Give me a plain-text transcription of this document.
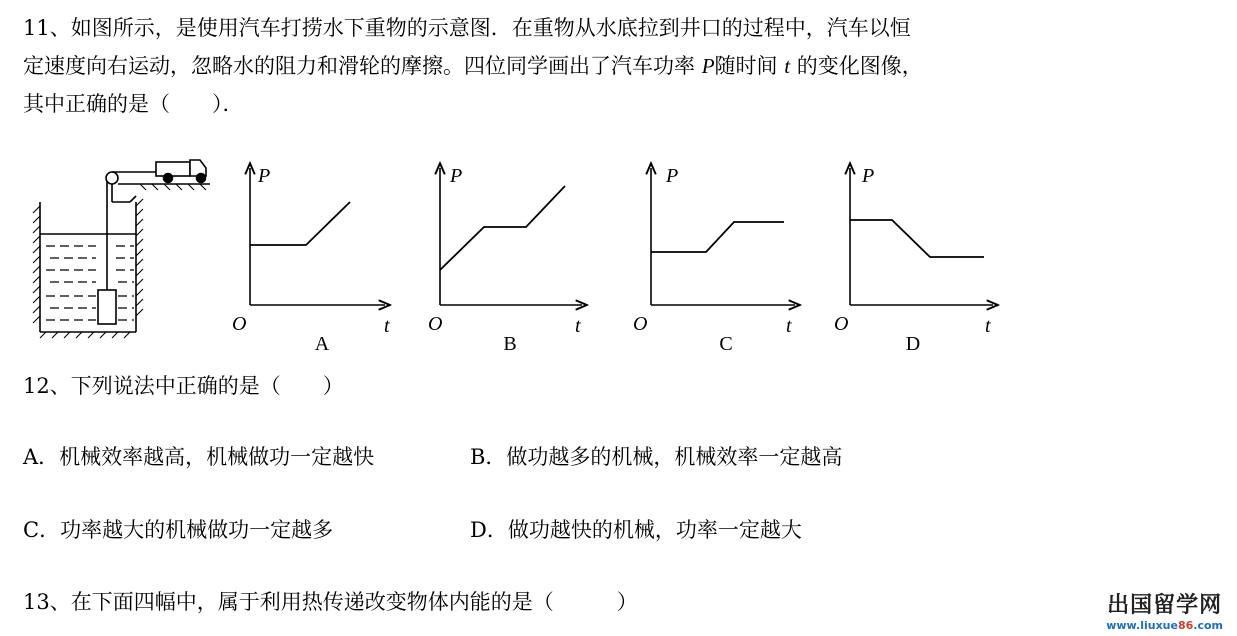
11、如图所示，是使用汽车打捞水下重物的示意图．在重物从水底拉到井口的过程中，汽车以恒
定速度向右运动，忽略水的阻力和滑轮的摩擦。四位同学画出了汽车功率 P随时间 t 的变化图像，
其中正确的是（　　）．
P
O	t
P
O	t
P
O	t
P
O	t
A	B	C	D
12、下列说法中正确的是（　　）
A．机械效率越高，机械做功一定越快	B．做功越多的机械，机械效率一定越高
C．功率越大的机械做功一定越多	D．做功越快的机械，功率一定越大
13、在下面四幅中，属于利用热传递改变物体内能的是（　　　）	出国留学网
www.liuxue86.com
